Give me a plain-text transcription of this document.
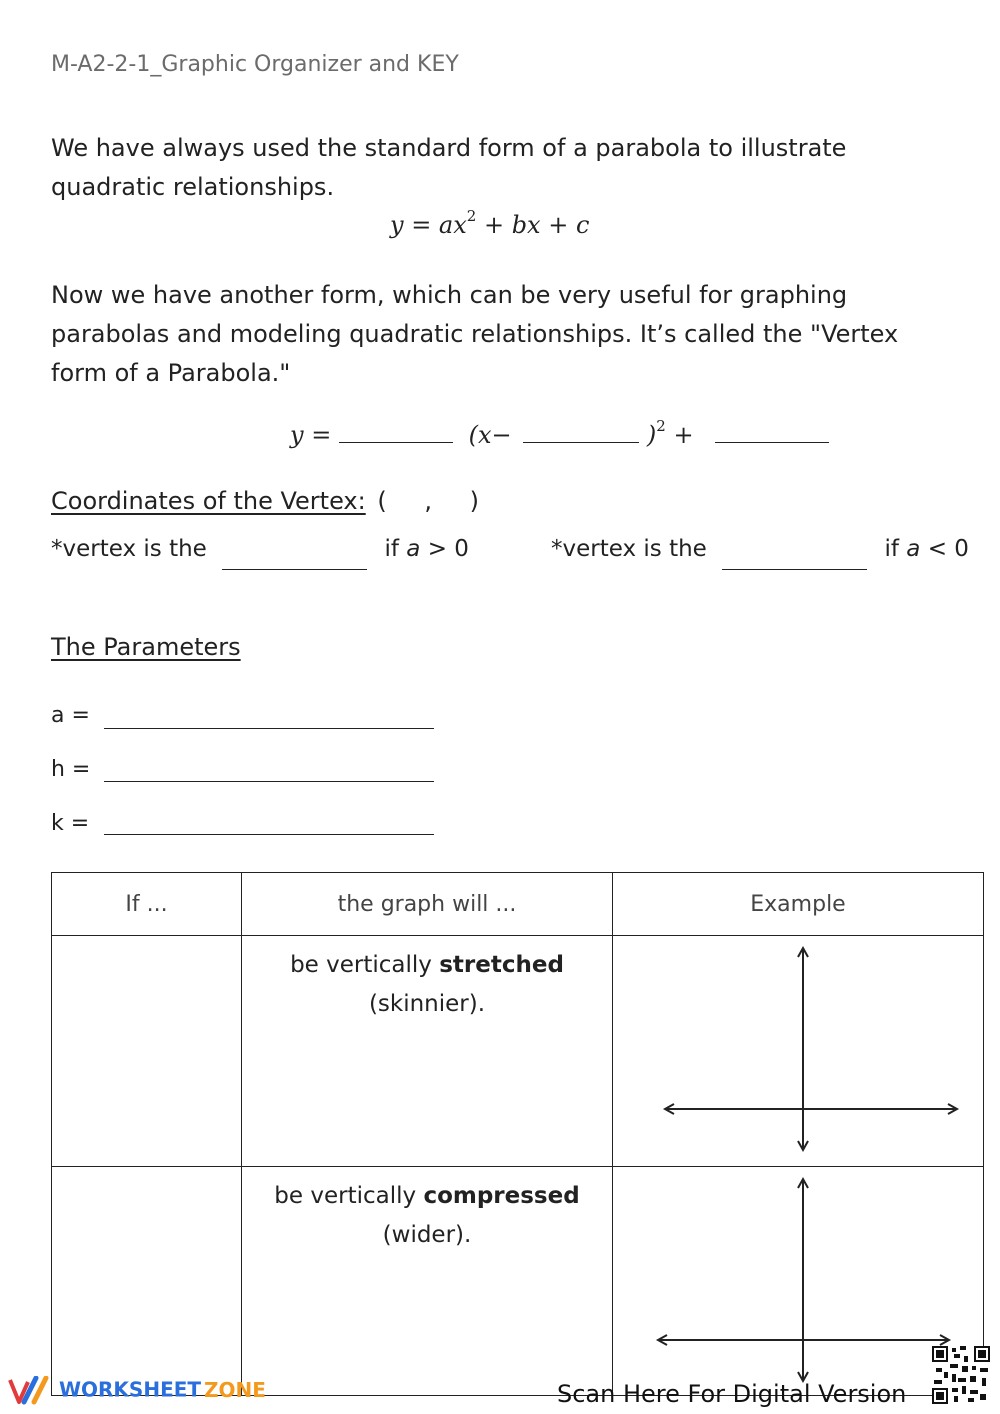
M-A2-2-1_Graphic Organizer and KEY
We have always used the standard form of a parabola to illustrate
quadratic relationships.
$y = ax^2$ + bx + c
Now we have another form, which can be very useful for graphing
parabolas and modeling quadratic relationships. It’s called the "Vertex
form of a Parabola."
y =	(x−	)$^2$ +
Coordinates of the Vertex: ( , )
*vertex is the	if a > 0	*vertex is the	if a < 0
The Parameters
a =
h =
k =
If ...	the graph will ...	Example

	be vertically stretched
(skinnier).

	be vertically compressed
(wider).

WORKSHEET ZONE	Scan Here For Digital Version
